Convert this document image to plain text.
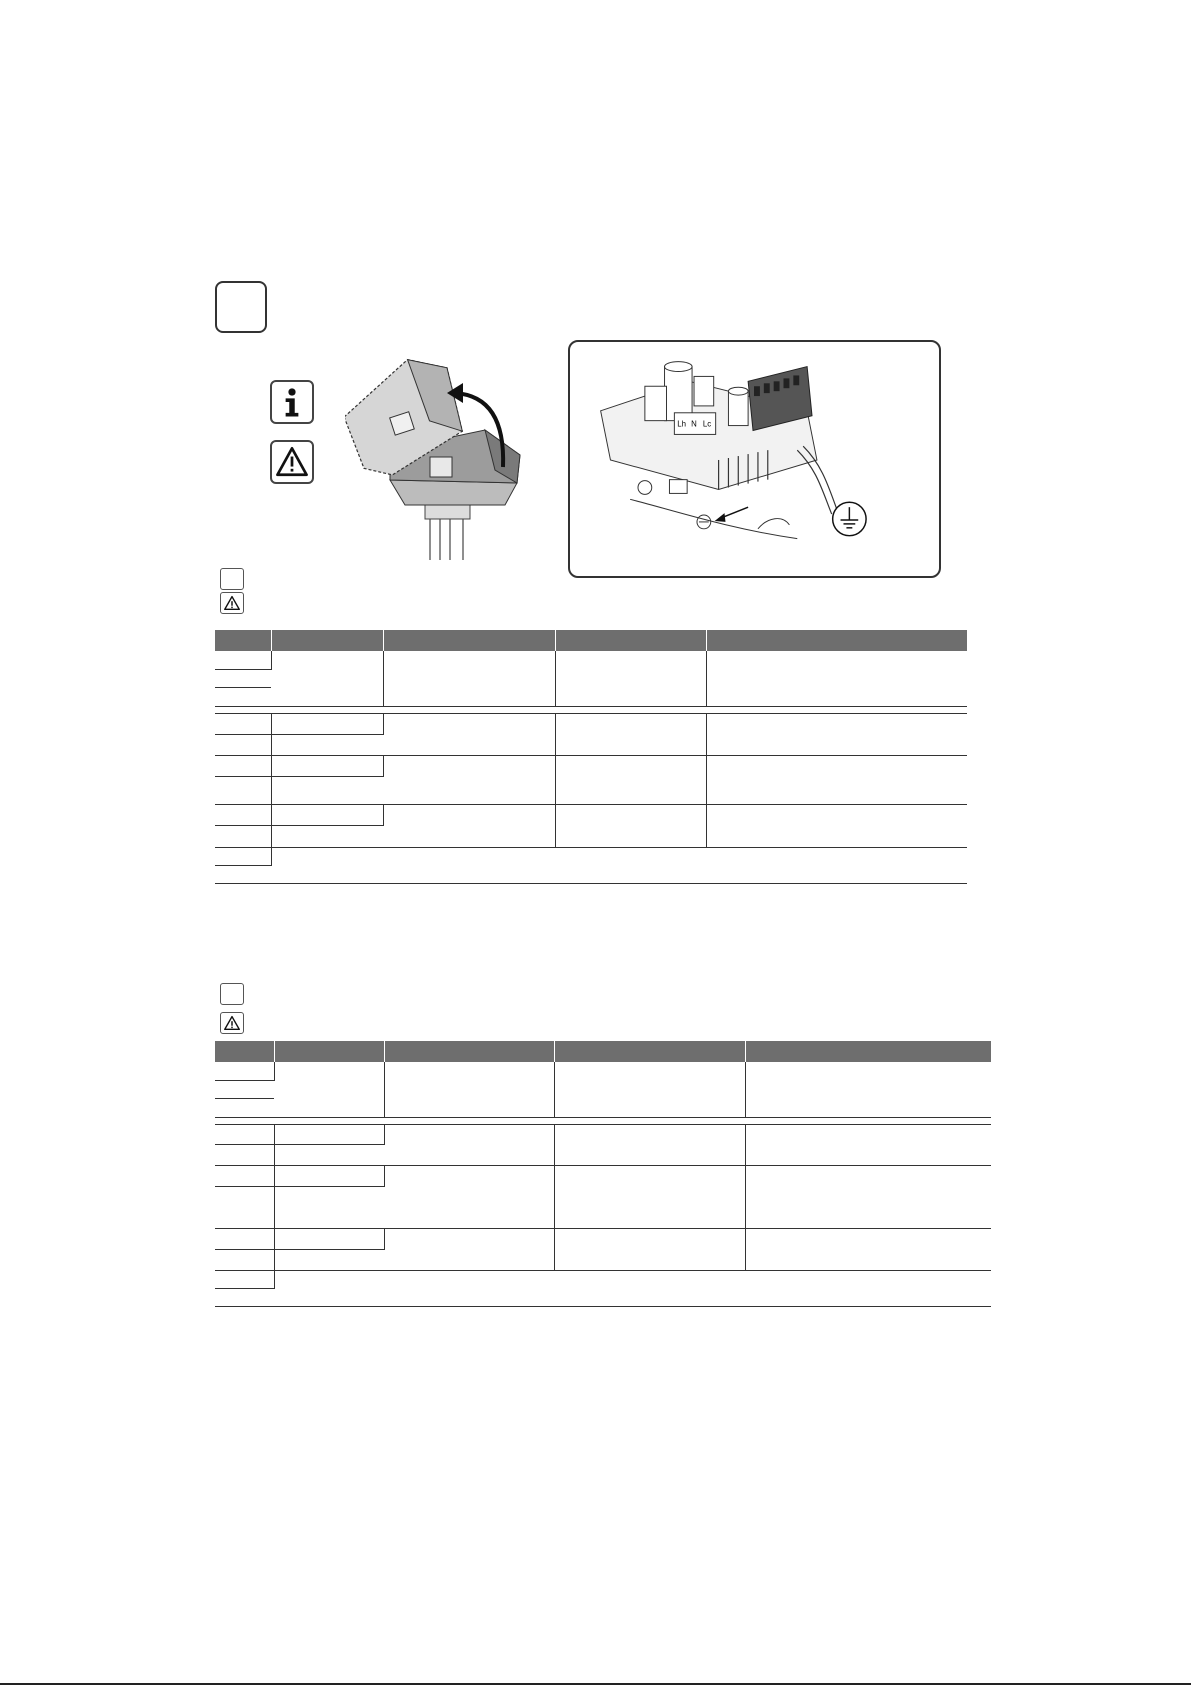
Lh N Lc
